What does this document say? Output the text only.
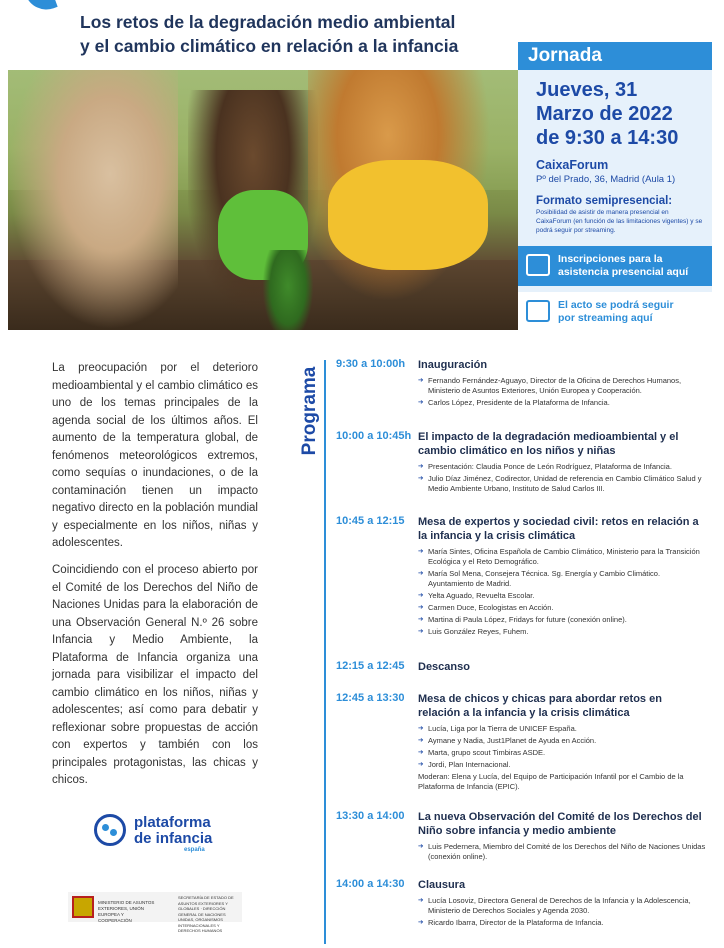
Los retos de la degradación medio ambiental
y el cambio climático en relación a la infancia	Jornada
Jueves, 31
Marzo de 2022
de 9:30 a 14:30
CaixaForum
Pº del Prado, 36, Madrid (Aula 1)
Formato semipresencial:
Posibilidad de asistir de manera presencial en CaixaForum (en función de las limitaciones vigentes) y se podrá seguir por streaming.
Inscripciones para la
asistencia presencial aquí
El acto se podrá seguir
por streaming aquí

La preocupación por el deterioro medioambiental y el cambio climático es uno de los temas principales de la agenda social de los últimos años. El aumento de la temperatura global, de fenómenos meteorológicos extremos, como sequías o inundaciones, o de la contaminación tienen un impacto negativo directo en la población mundial y especialmente en los niños, niñas y adolescentes.

Coincidiendo con el proceso abierto por el Comité de los Derechos del Niño de Naciones Unidas para la elaboración de una Observación General N.º 26 sobre Infancia y Medio Ambiente, la Plataforma de Infancia organiza una jornada para visibilizar el impacto del cambio climático en los niños, niñas y adolescentes; así como para debatir y reflexionar sobre propuestas de acción con expertos y también con los principales protagonistas, las chicas y chicos.

plataforma
de infancia
españa
MINISTERIO DE ASUNTOS EXTERIORES, UNIÓN EUROPEA Y COOPERACIÓN
SECRETARÍA DE ESTADO DE ASUNTOS EXTERIORES Y GLOBALES · DIRECCIÓN GENERAL DE NACIONES UNIDAS, ORGANISMOS INTERNACIONALES Y DERECHOS HUMANOS
Programa
9:30 a 10:00h Inauguración
➔ Fernando Fernández-Aguayo, Director de la Oficina de Derechos Humanos, Ministerio de Asuntos Exteriores, Unión Europea y Cooperación.
➔ Carlos López, Presidente de la Plataforma de Infancia.
10:00 a 10:45h El impacto de la degradación medioambiental y el cambio climático en los niños y niñas
➔ Presentación: Claudia Ponce de León Rodríguez, Plataforma de Infancia.
➔ Julio Díaz Jiménez, Codirector, Unidad de referencia en Cambio Climático Salud y Medio Ambiente Urbano, Instituto de Salud Carlos III.
10:45 a 12:15 Mesa de expertos y sociedad civil: retos en relación a la infancia y la crisis climática
➔ María Sintes, Oficina Española de Cambio Climático, Ministerio para la Transición Ecológica y el Reto Demográfico.
➔ María Sol Mena, Consejera Técnica. Sg. Energía y Cambio Climático. Ayuntamiento de Madrid.
➔ Yelta Aguado, Revuelta Escolar.
➔ Carmen Duce, Ecologistas en Acción.
➔ Martina di Paula López, Fridays for future (conexión online).
➔ Luis González Reyes, Fuhem.
12:15 a 12:45 Descanso
12:45 a 13:30 Mesa de chicos y chicas para abordar retos en relación a la infancia y la crisis climática
➔ Lucía, Liga por la Tierra de UNICEF España.
➔ Aymane y Nadia, Just1Planet de Ayuda en Acción.
➔ Marta, grupo scout Timbiras ASDE.
➔ Jordi, Plan Internacional.
Moderan: Elena y Lucía, del Equipo de Participación Infantil por el Cambio de la Plataforma de Infancia (EPIC).
13:30 a 14:00 La nueva Observación del Comité de los Derechos del Niño sobre infancia y medio ambiente
➔ Luis Pedernera, Miembro del Comité de los Derechos del Niño de Naciones Unidas (conexión online).
14:00 a 14:30 Clausura
➔ Lucía Losoviz, Directora General de Derechos de la Infancia y la Adolescencia, Ministerio de Derechos Sociales y Agenda 2030.
➔ Ricardo Ibarra, Director de la Plataforma de Infancia.
